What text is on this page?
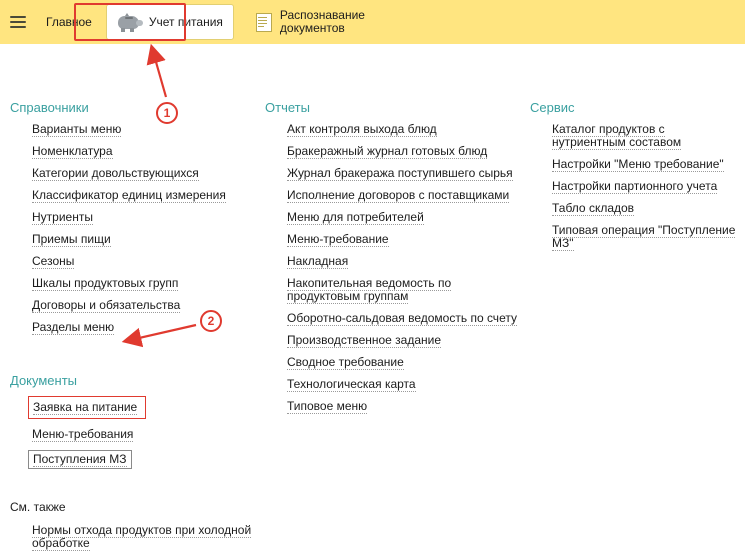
Главное	Учет питания	Распознавание
документов
Справочники
Варианты меню
Номенклатура
Категории довольствующихся
Классификатор единиц измерения
Нутриенты
Приемы пищи
Сезоны
Шкалы продуктовых групп
Договоры и обязательства
Разделы меню
Документы
Заявка на питание
Меню-требования
Поступления МЗ
См. также
Нормы отхода продуктов при холодной обработке
Отчеты
Акт контроля выхода блюд
Бракеражный журнал готовых блюд
Журнал бракеража поступившего сырья
Исполнение договоров с поставщиками
Меню для потребителей
Меню-требование
Накладная
Накопительная ведомость по продуктовым группам
Оборотно-сальдовая ведомость по счету
Производственное задание
Сводное требование
Технологическая карта
Типовое меню
Сервис
Каталог продуктов с нутриентным составом
Настройки "Меню требование"
Настройки партионного учета
Табло складов
Типовая операция "Поступление МЗ"
1
2
